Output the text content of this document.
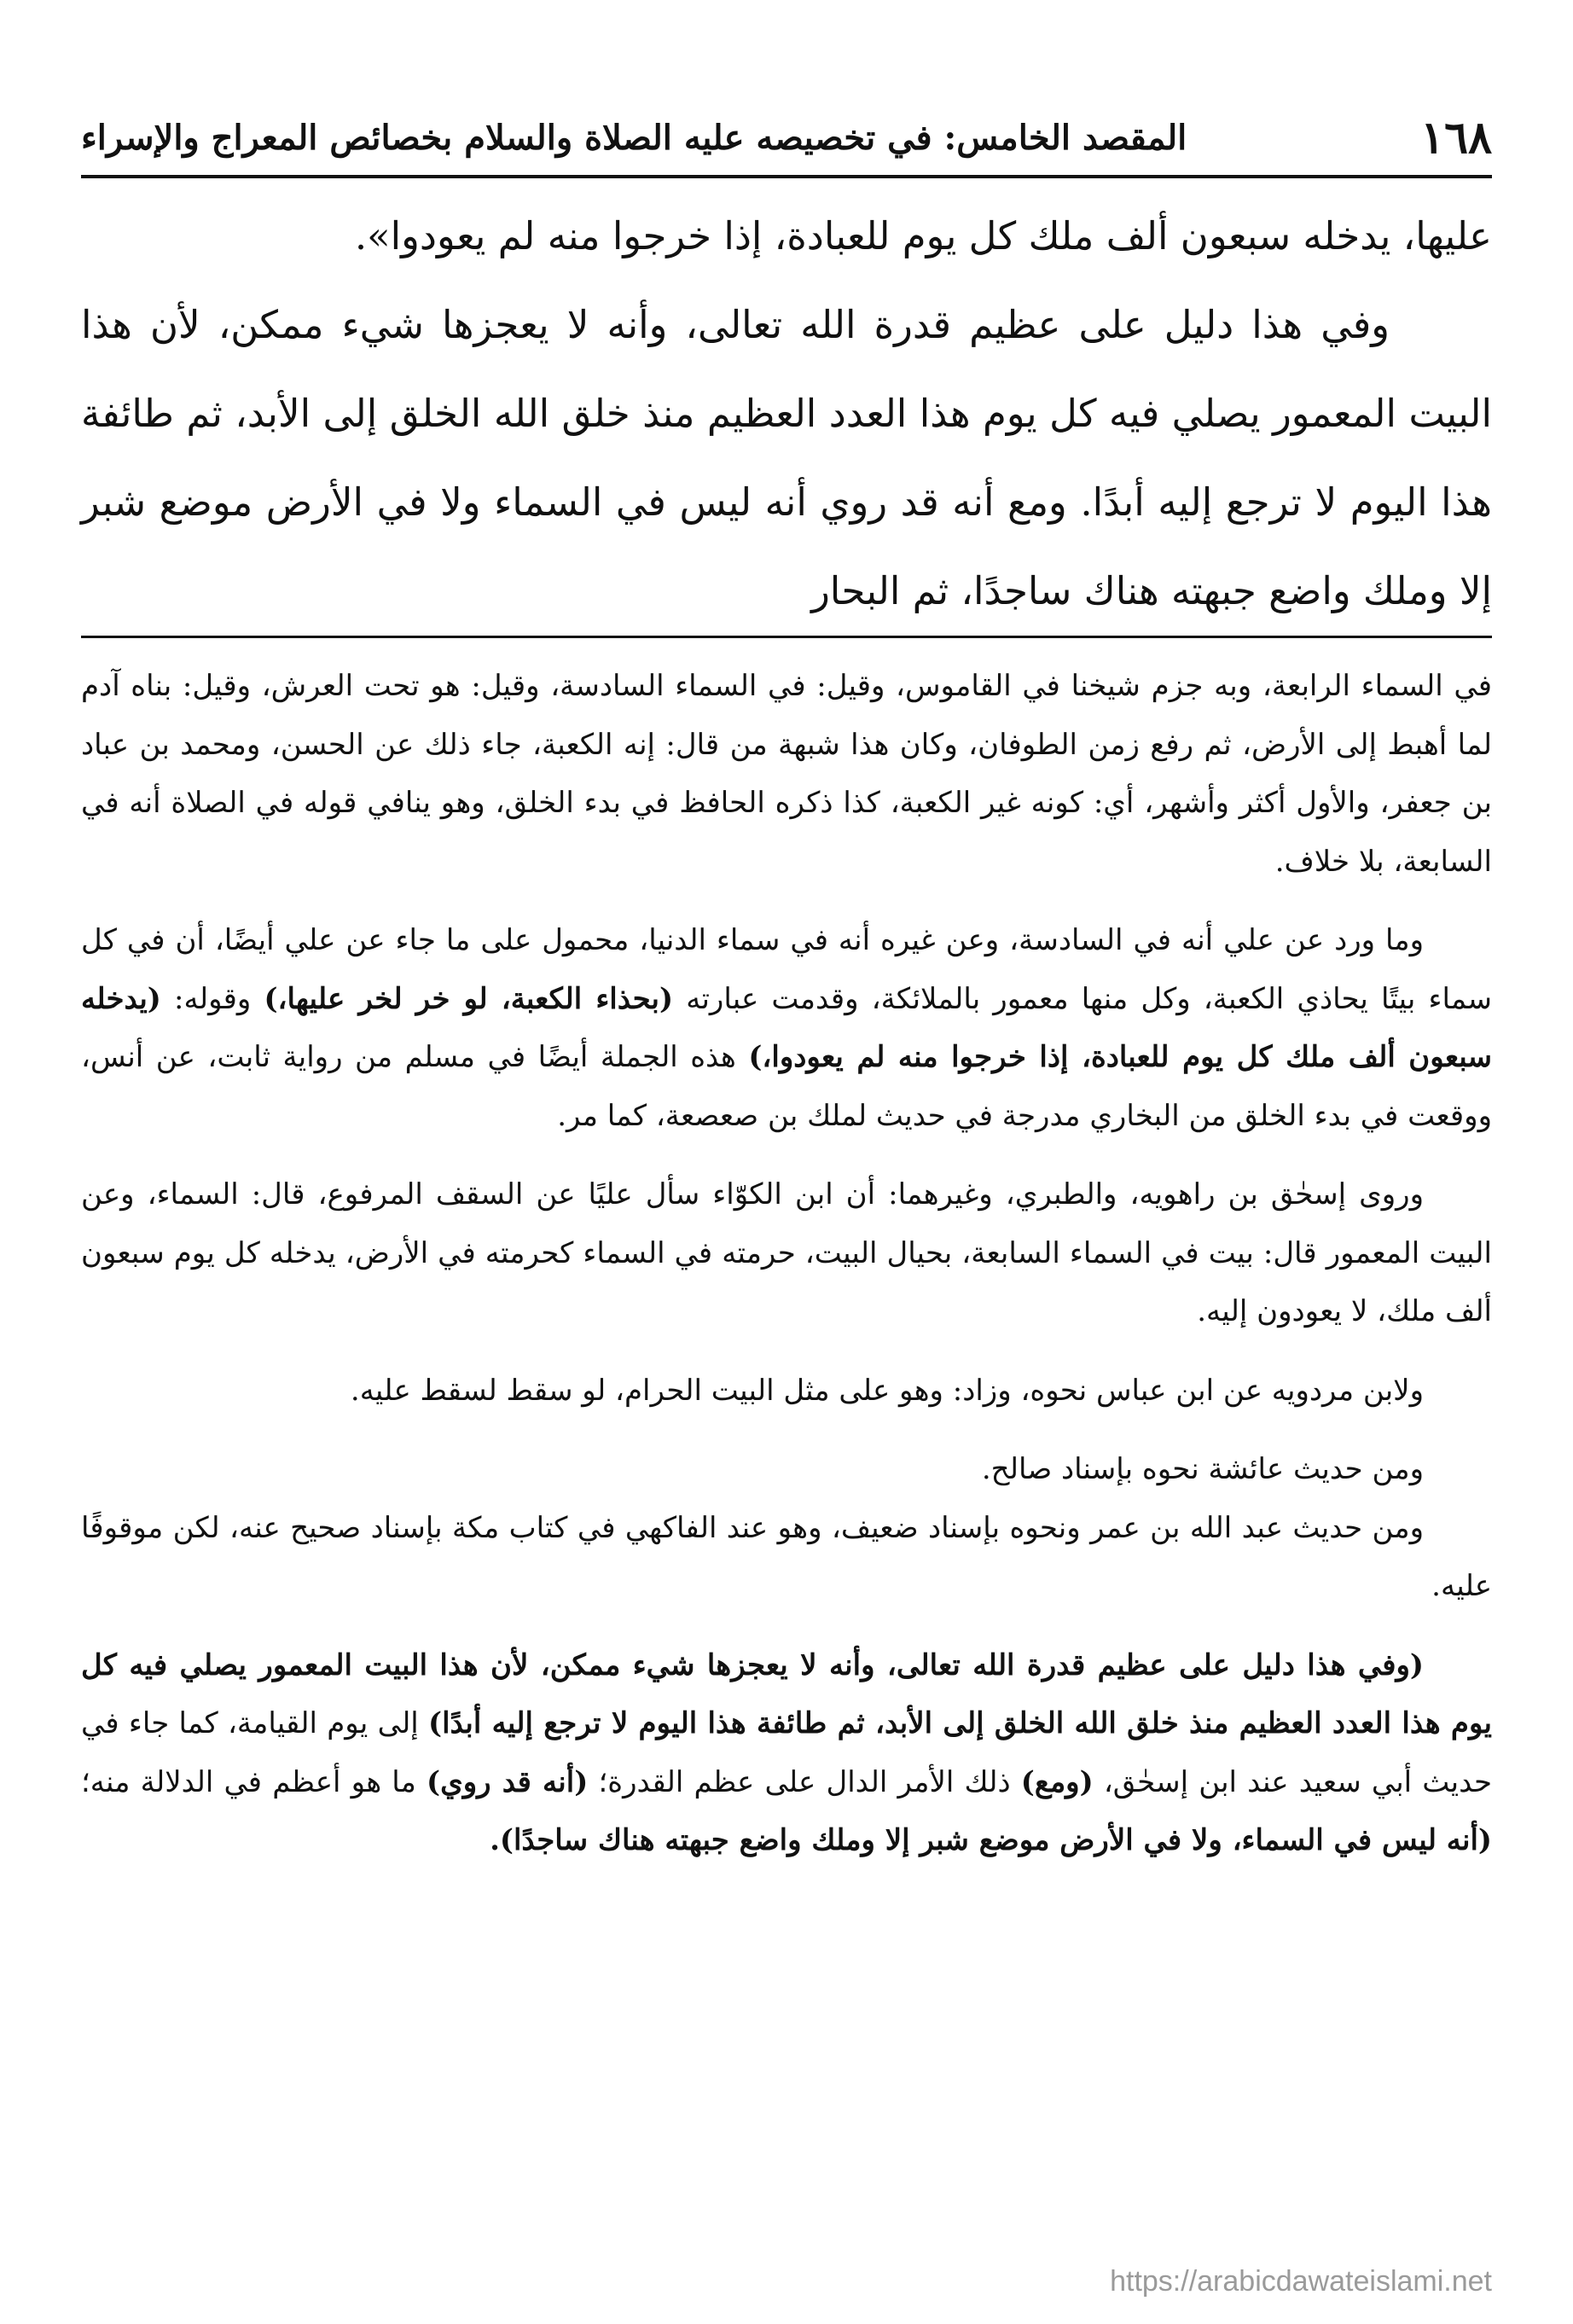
١٦٨
المقصد الخامس: في تخصيصه عليه الصلاة والسلام بخصائص المعراج والإسراء

عليها، يدخله سبعون ألف ملك كل يوم للعبادة، إذا خرجوا منه لم يعودوا».

وفي هذا دليل على عظيم قدرة الله تعالى، وأنه لا يعجزها شيء ممكن، لأن هذا البيت المعمور يصلي فيه كل يوم هذا العدد العظيم منذ خلق الله الخلق إلى الأبد، ثم طائفة هذا اليوم لا ترجع إليه أبدًا. ومع أنه قد روي أنه ليس في السماء ولا في الأرض موضع شبر إلا وملك واضع جبهته هناك ساجدًا، ثم البحار

في السماء الرابعة، وبه جزم شيخنا في القاموس، وقيل: في السماء السادسة، وقيل: هو تحت العرش، وقيل: بناه آدم لما أهبط إلى الأرض، ثم رفع زمن الطوفان، وكان هذا شبهة من قال: إنه الكعبة، جاء ذلك عن الحسن، ومحمد بن عباد بن جعفر، والأول أكثر وأشهر، أي: كونه غير الكعبة، كذا ذكره الحافظ في بدء الخلق، وهو ينافي قوله في الصلاة أنه في السابعة، بلا خلاف.

وما ورد عن علي أنه في السادسة، وعن غيره أنه في سماء الدنيا، محمول على ما جاء عن علي أيضًا، أن في كل سماء بيتًا يحاذي الكعبة، وكل منها معمور بالملائكة، وقدمت عبارته (بحذاء الكعبة، لو خر لخر عليها،) وقوله: (يدخله سبعون ألف ملك كل يوم للعبادة، إذا خرجوا منه لم يعودوا،) هذه الجملة أيضًا في مسلم من رواية ثابت، عن أنس، ووقعت في بدء الخلق من البخاري مدرجة في حديث لملك بن صعصعة، كما مر.

وروى إسحٰق بن راهويه، والطبري، وغيرهما: أن ابن الكوّاء سأل عليًا عن السقف المرفوع، قال: السماء، وعن البيت المعمور قال: بيت في السماء السابعة، بحيال البيت، حرمته في السماء كحرمته في الأرض، يدخله كل يوم سبعون ألف ملك، لا يعودون إليه.

ولابن مردويه عن ابن عباس نحوه، وزاد: وهو على مثل البيت الحرام، لو سقط لسقط عليه.

ومن حديث عائشة نحوه بإسناد صالح.

ومن حديث عبد الله بن عمر ونحوه بإسناد ضعيف، وهو عند الفاكهي في كتاب مكة بإسناد صحيح عنه، لكن موقوفًا عليه.

(وفي هذا دليل على عظيم قدرة الله تعالى، وأنه لا يعجزها شيء ممكن، لأن هذا البيت المعمور يصلي فيه كل يوم هذا العدد العظيم منذ خلق الله الخلق إلى الأبد، ثم طائفة هذا اليوم لا ترجع إليه أبدًا) إلى يوم القيامة، كما جاء في حديث أبي سعيد عند ابن إسحٰق، (ومع) ذلك الأمر الدال على عظم القدرة؛ (أنه قد روي) ما هو أعظم في الدلالة منه؛ (أنه ليس في السماء، ولا في الأرض موضع شبر إلا وملك واضع جبهته هناك ساجدًا).

https://arabicdawateislami.net
